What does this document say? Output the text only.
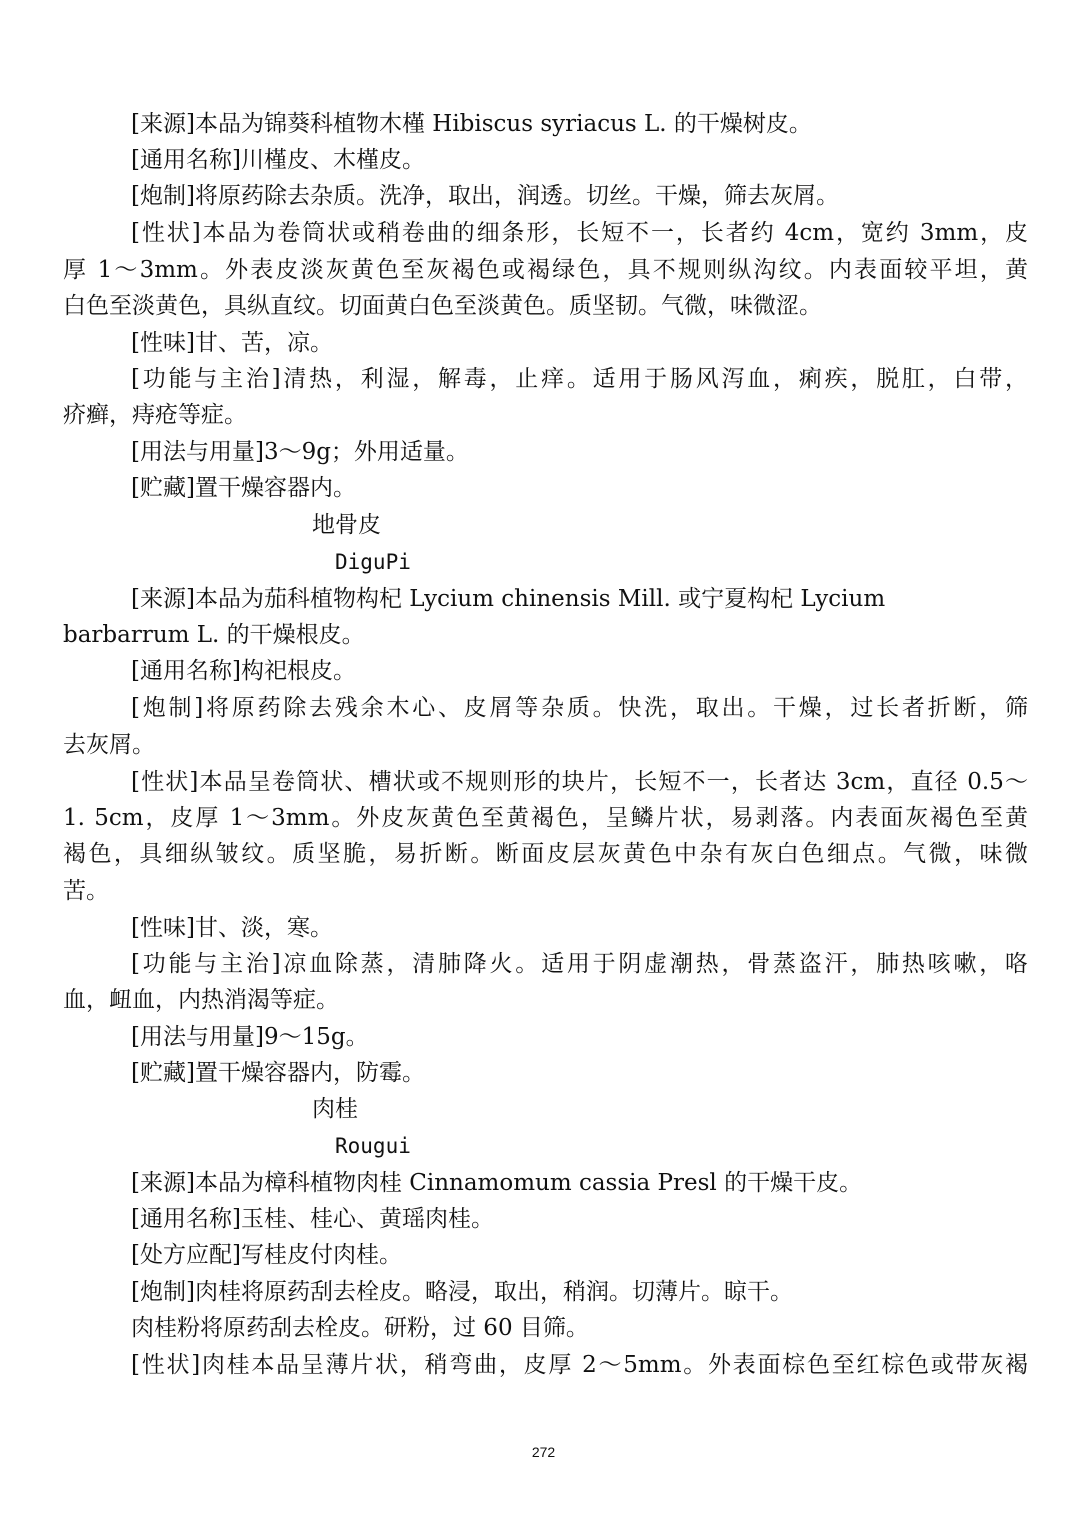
[来源]本品为锦葵科植物木槿 Hibiscus syriacus L. 的干燥树皮。
[通用名称]川槿皮、木槿皮。
[炮制]将原药除去杂质。洗净，取出，润透。切丝。干燥，筛去灰屑。
[性状]本品为卷筒状或稍卷曲的细条形，长短不一，长者约 4cm，宽约 3mm，皮
厚 1～3mm。外表皮淡灰黄色至灰褐色或褐绿色，具不规则纵沟纹。内表面较平坦，黄
白色至淡黄色，具纵直纹。切面黄白色至淡黄色。质坚韧。气微，味微涩。
[性味]甘、苦，凉。
[功能与主治]清热，利湿，解毒，止痒。适用于肠风泻血，痢疾，脱肛，白带，
疥癣，痔疮等症。
[用法与用量]3～9g；外用适量。
[贮藏]置干燥容器内。
地骨皮
DiguPi
[来源]本品为茄科植物构杞 Lycium chinensis Mill. 或宁夏构杞 Lycium
barbarrum L. 的干燥根皮。
[通用名称]构祀根皮。
[炮制]将原药除去残余木心、皮屑等杂质。快洗，取出。干燥，过长者折断，筛
去灰屑。
[性状]本品呈卷筒状、槽状或不规则形的块片，长短不一，长者达 3cm，直径 0.5～
1. 5cm，皮厚 1～3mm。外皮灰黄色至黄褐色，呈鳞片状，易剥落。内表面灰褐色至黄
褐色，具细纵皱纹。质坚脆，易折断。断面皮层灰黄色中杂有灰白色细点。气微，味微
苦。
[性味]甘、淡，寒。
[功能与主治]凉血除蒸，清肺降火。适用于阴虚潮热，骨蒸盗汗，肺热咳嗽，咯
血，衄血，内热消渴等症。
[用法与用量]9～15g。
[贮藏]置干燥容器内，防霉。
肉桂
Rougui
[来源]本品为樟科植物肉桂 Cinnamomum cassia Presl 的干燥干皮。
[通用名称]玉桂、桂心、黄瑶肉桂。
[处方应配]写桂皮付肉桂。
[炮制]肉桂将原药刮去栓皮。略浸，取出，稍润。切薄片。晾干。
肉桂粉将原药刮去栓皮。研粉，过 60 目筛。
[性状]肉桂本品呈薄片状，稍弯曲，皮厚 2～5mm。外表面棕色至红棕色或带灰褐
272
